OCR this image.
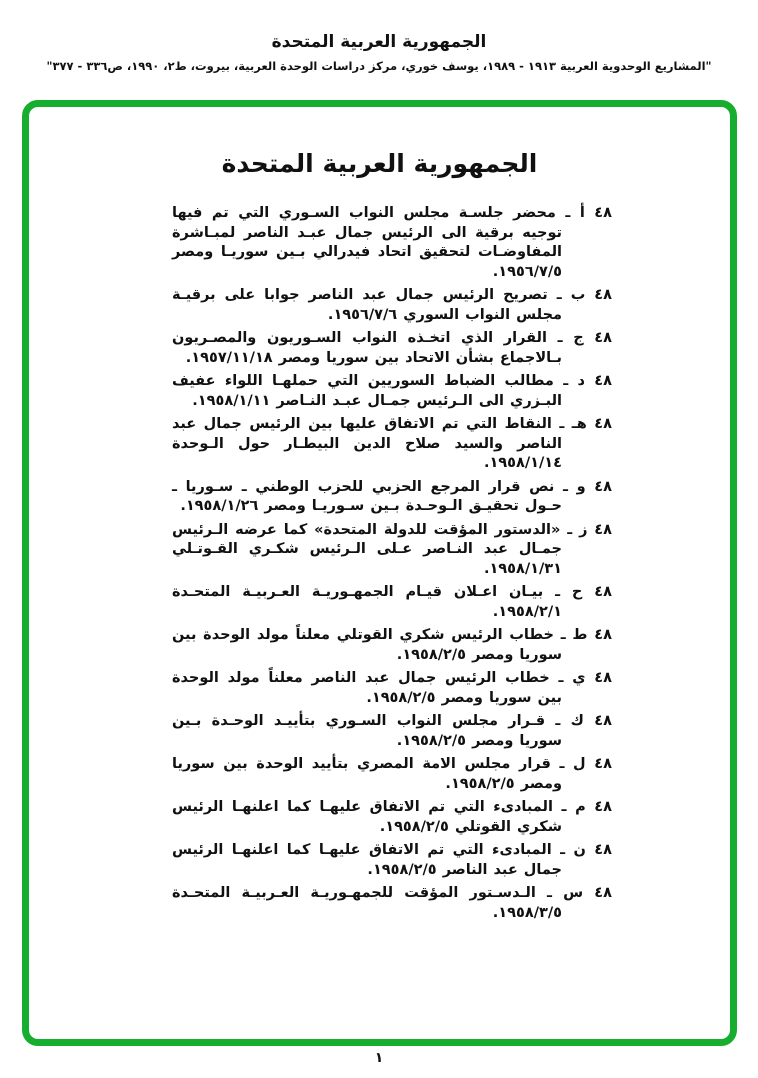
الجمهورية العربية المتحدة
"المشاريع الوحدوية العربية ١٩١٣ - ١٩٨٩، يوسف خوري، مركز دراسات الوحدة العربية، بيروت، ط٢، ١٩٩٠، ص٣٣٦ - ٣٧٧"
الجمهورية العربية المتحدة

٤٨ أ ـ محضر جلسـة مجلس النواب السـوري التي تم فيها توجيه برقية الى الرئيس جمال عبـد الناصر لمبـاشرة المفاوضـات لتحقيق اتحاد فيدرالي بـين سوريـا ومصر ١٩٥٦/٧/٥.

٤٨ ب ـ تصريح الرئيس جمال عبد الناصر جوابا على برقيـة مجلس النواب السوري ١٩٥٦/٧/٦.

٤٨ ج ـ القرار الذي اتخـذه النواب السـوريون والمصـريون بـالاجماع بشأن الاتحاد بين سوريا ومصر ١٩٥٧/١١/١٨.

٤٨ د ـ مطالب الضباط السوريين التي حملهـا اللواء عفيف البـزري الى الـرئيس جمـال عبـد النـاصر ١٩٥٨/١/١١.

٤٨ هـ ـ النقاط التي تم الاتفاق عليها بين الرئيس جمال عبد الناصر والسيد صلاح الدين البيطـار حول الـوحدة ١٩٥٨/١/١٤.

٤٨ و ـ نص قرار المرجع الحزبي للحزب الوطني ـ سـوريا ـ حـول تحقيـق الـوحـدة بـين سـوريـا ومصر ١٩٥٨/١/٢٦.

٤٨ ز ـ «الدستور المؤقت للدولة المتحدة» كما عرضه الـرئيس جمـال عبد النـاصر عـلى الـرئيس شكـري القـوتـلي ١٩٥٨/١/٣١.

٤٨ ح ـ بيـان اعـلان قيـام الجمهـوريـة العـربيـة المتحـدة ١٩٥٨/٢/١.

٤٨ ط ـ خطاب الرئيس شكري القوتلي معلناً مولد الوحدة بين سوريا ومصر ١٩٥٨/٢/٥.

٤٨ ي ـ خطاب الرئيس جمال عبد الناصر معلناً مولد الوحدة بين سوريا ومصر ١٩٥٨/٢/٥.

٤٨ ك ـ قـرار مجلس النواب السـوري بتأييـد الوحـدة بـين سوريا ومصر ١٩٥٨/٢/٥.

٤٨ ل ـ قرار مجلس الامة المصري بتأييد الوحدة بين سوريا ومصر ١٩٥٨/٢/٥.

٤٨ م ـ المبادىء التي تم الاتفاق عليهـا كما اعلنهـا الرئيس شكري القوتلي ١٩٥٨/٢/٥.

٤٨ ن ـ المبادىء التي تم الاتفاق عليهـا كما اعلنهـا الرئيس جمال عبد الناصر ١٩٥٨/٢/٥.

٤٨ س ـ الـدسـتور المؤقت للجمهـوريـة العـربيـة المتحـدة ١٩٥٨/٣/٥.

١
